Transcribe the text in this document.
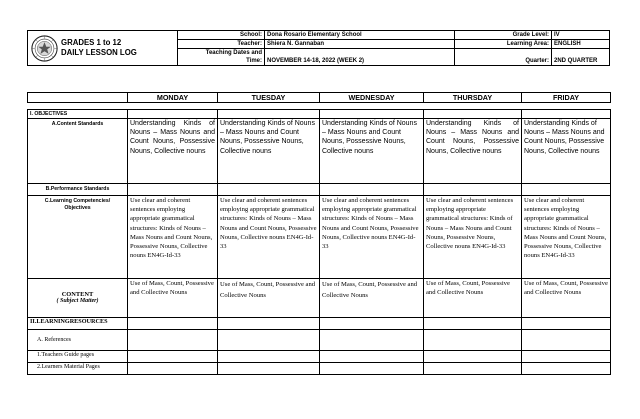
GRADES 1 to 12
DAILY LESSON LOG	School:	Dona Rosario Elementary School	Grade Level:	IV
	Teacher:	Shiera N. Gannaban	Learning Area:	ENGLISH
	Teaching Dates and	NOVEMBER 14-18, 2022 (WEEK 2)	Quarter:	2ND QUARTER
	Time:			
	MONDAY	TUESDAY	WEDNESDAY	THURSDAY	FRIDAY

I. OBJECTIVES					
A.Content Standards	Understanding Kinds of Nouns – Mass Nouns and Count Nouns, Possessive Nouns, Collective nouns	Understanding Kinds of Nouns – Mass Nouns and Count Nouns, Possessive Nouns, Collective nouns	Understanding Kinds of Nouns – Mass Nouns and Count Nouns, Possessive Nouns, Collective nouns	Understanding Kinds of Nouns – Mass Nouns and Count Nouns, Possessive Nouns, Collective nouns	Understanding Kinds of Nouns – Mass Nouns and Count Nouns, Possessive Nouns, Collective nouns
B.Performance Standards					
C.Learning Competencies/
Objectives	Use clear and coherent sentences employing appropriate grammatical structures: Kinds of Nouns – Mass Nouns and Count Nouns, Possessive Nouns, Collective nouns EN4G-Id-33	Use clear and coherent sentences employing appropriate grammatical structures: Kinds of Nouns – Mass Nouns and Count Nouns, Possessive Nouns, Collective nouns EN4G-Id-33	Use clear and coherent sentences employing appropriate grammatical structures: Kinds of Nouns – Mass Nouns and Count Nouns, Possessive Nouns, Collective nouns EN4G-Id-33	Use clear and coherent sentences employing appropriate grammatical structures: Kinds of Nouns – Mass Nouns and Count Nouns, Possessive Nouns, Collective nouns EN4G-Id-33	Use clear and coherent sentences employing appropriate grammatical structures: Kinds of Nouns – Mass Nouns and Count Nouns, Possessive Nouns, Collective nouns EN4G-Id-33
CONTENT
( Subject Matter)	Use of Mass, Count, Possessive and Collective Nouns	Use of Mass, Count, Possessive and Collective Nouns	Use of Mass, Count, Possessive and Collective Nouns	Use of Mass, Count, Possessive and Collective Nouns	Use of Mass, Count, Possessive and Collective Nouns
II.LEARNINGRESOURCES					
A. References					
1.Teachers Guide pages					
2.Learners Material Pages					
